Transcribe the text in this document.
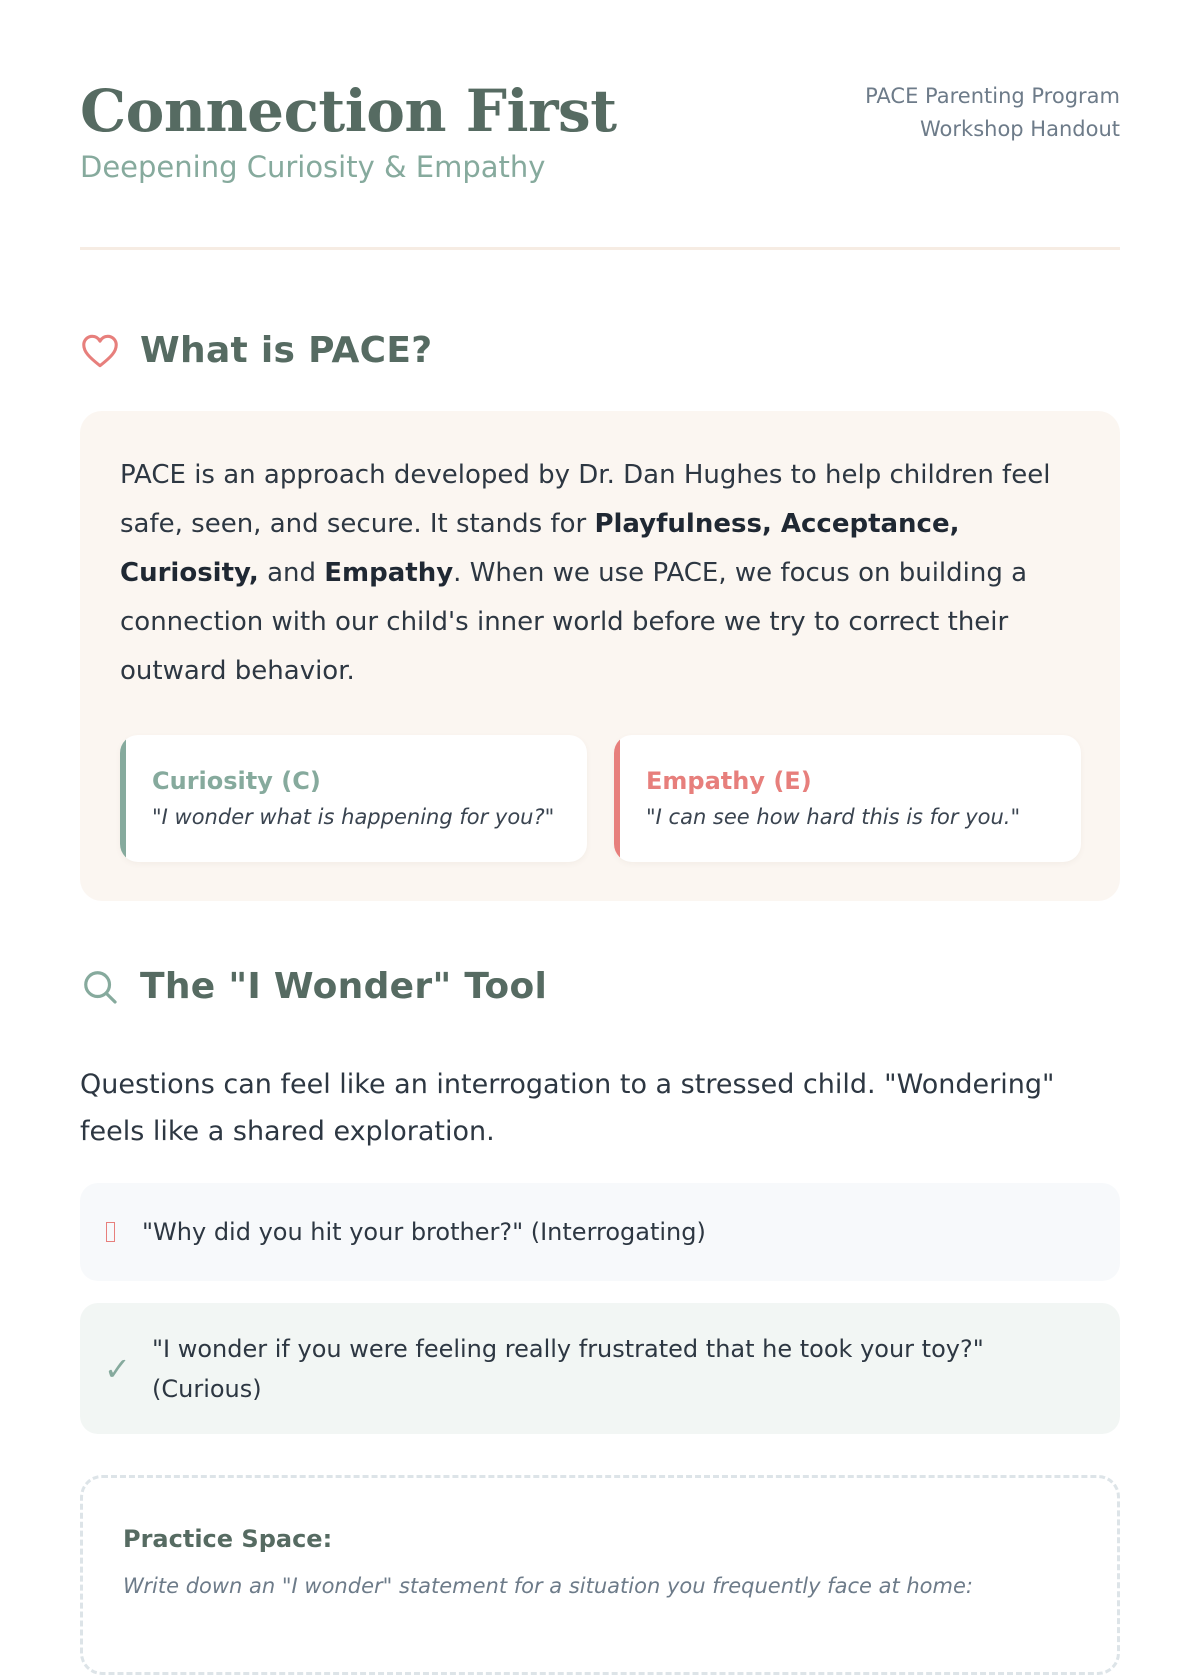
Connection First
Deepening Curiosity & Empathy
PACE Parenting Program
Workshop Handout
What is PACE?

PACE is an approach developed by Dr. Dan Hughes to help children feel safe, seen, and secure. It stands for Playfulness, Acceptance, Curiosity, and Empathy. When we use PACE, we focus on building a connection with our child's inner world before we try to correct their outward behavior.

Curiosity (C)
"I wonder what is happening for you?"
Empathy (E)
"I can see how hard this is for you."
The "I Wonder" Tool

Questions can feel like an interrogation to a stressed child. "Wondering" feels like a shared exploration.

"Why did you hit your brother?" (Interrogating)
✓
"I wonder if you were feeling really frustrated that he took your toy?" (Curious)
Practice Space:
Write down an "I wonder" statement for a situation you frequently face at home:
